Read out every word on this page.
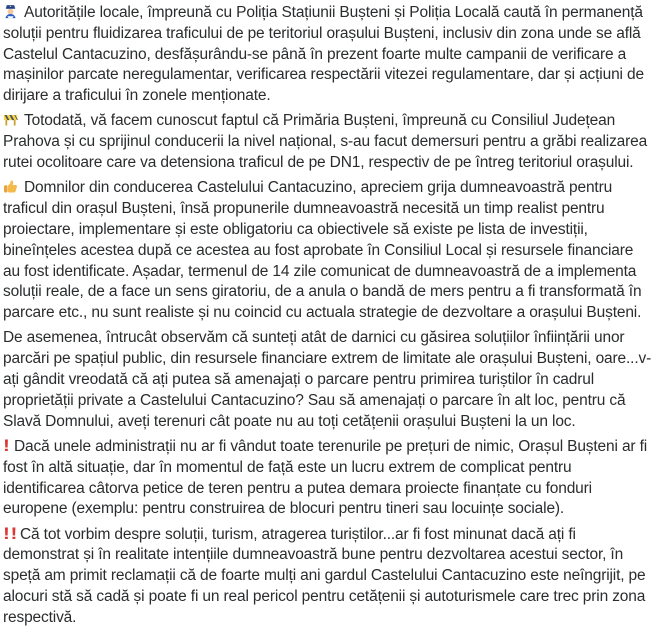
Autoritățile locale, împreună cu Poliția Stațiunii Bușteni și Poliția Locală caută în permanență soluții pentru fluidizarea traficului de pe teritoriul orașului Bușteni, inclusiv din zona unde se află Castelul Cantacuzino, desfășurându-se până în prezent foarte multe campanii de verificare a mașinilor parcate neregulamentar, verificarea respectării vitezei regulamentare, dar și acțiuni de dirijare a traficului în zonele menționate.

Totodată, vă facem cunoscut faptul că Primăria Bușteni, împreună cu Consiliul Județean Prahova și cu sprijinul conducerii la nivel național, s-au facut demersuri pentru a grăbi realizarea rutei ocolitoare care va detensiona traficul de pe DN1, respectiv de pe întreg teritoriul orașului.

Domnilor din conducerea Castelului Cantacuzino, apreciem grija dumneavoastră pentru traficul din orașul Bușteni, însă propunerile dumneavoastră necesită un timp realist pentru proiectare, implementare și este obligatoriu ca obiectivele să existe pe lista de investiții, bineînțeles acestea după ce acestea au fost aprobate în Consiliul Local și resursele financiare au fost identificate. Așadar, termenul de 14 zile comunicat de dumneavoastră de a implementa soluții reale, de a face un sens giratoriu, de a anula o bandă de mers pentru a fi transformată în parcare etc., nu sunt realiste și nu coincid cu actuala strategie de dezvoltare a orașului Bușteni.

De asemenea, întrucât observăm că sunteți atât de darnici cu găsirea soluțiilor înființării unor parcări pe spațiul public, din resursele financiare extrem de limitate ale orașului Bușteni, oare...v-ați gândit vreodată că ați putea să amenajați o parcare pentru primirea turiștilor în cadrul proprietății private a Castelului Cantacuzino? Sau să amenajați o parcare în alt loc, pentru că Slavă Domnului, aveți terenuri cât poate nu au toți cetățenii orașului Bușteni la un loc.

! Dacă unele administrații nu ar fi vândut toate terenurile pe prețuri de nimic, Orașul Bușteni ar fi fost în altă situație, dar în momentul de față este un lucru extrem de complicat pentru identificarea câtorva petice de teren pentru a putea demara proiecte finanțate cu fonduri europene (exemplu: pentru construirea de blocuri pentru tineri sau locuințe sociale).

!! Că tot vorbim despre soluții, turism, atragerea turiștilor...ar fi fost minunat dacă ați fi demonstrat și în realitate intențiile dumneavoastră bune pentru dezvoltarea acestui sector, în speță am primit reclamații că de foarte mulți ani gardul Castelului Cantacuzino este neîngrijit, pe alocuri stă să cadă și poate fi un real pericol pentru cetățenii și autoturismele care trec prin zona respectivă.
